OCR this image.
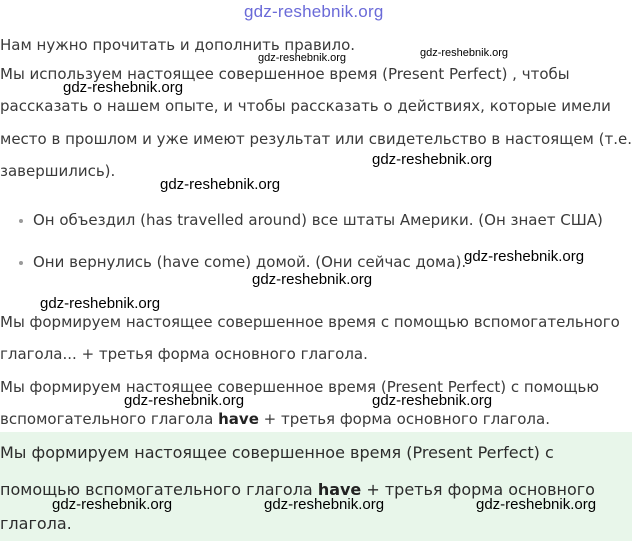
gdz-reshebnik.org
Нам нужно прочитать и дополнить правило.
Мы используем настоящее совершенное время (Present Perfect) , чтобы
рассказать о нашем опыте, и чтобы рассказать о действиях, которые имели
место в прошлом и уже имеют результат или свидетельство в настоящем (т.е.
завершились).
Он объездил (has travelled around) все штаты Америки. (Он знает США)
Они вернулись (have come) домой. (Они сейчас дома).
Мы формируем настоящее совершенное время с помощью вспомогательного
глагола... + третья форма основного глагола.
Мы формируем настоящее совершенное время (Present Perfect) с помощью
вспомогательного глагола have + третья форма основного глагола.
Мы формируем настоящее совершенное время (Present Perfect) с
помощью вспомогательного глагола have + третья форма основного
глагола.
gdz-reshebnik.org	gdz-reshebnik.org
gdz-reshebnik.org
gdz-reshebnik.org
gdz-reshebnik.org
gdz-reshebnik.org
gdz-reshebnik.org
gdz-reshebnik.org
gdz-reshebnik.org	gdz-reshebnik.org
gdz-reshebnik.org	gdz-reshebnik.org	gdz-reshebnik.org
